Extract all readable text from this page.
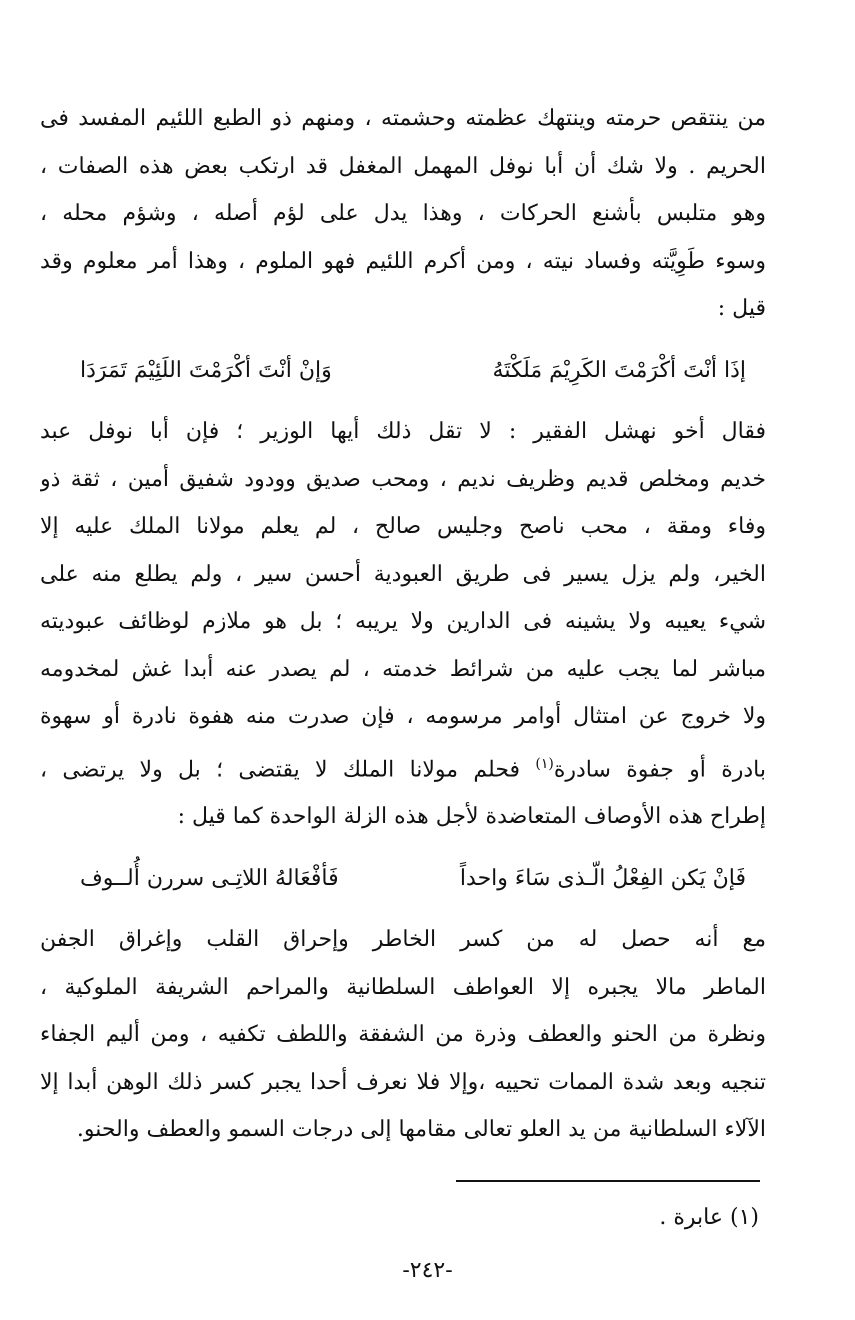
من ينتقص حرمته وينتهك عظمته وحشمته ، ومنهم ذو الطبع اللئيم المفسد فى
الحريم . ولا شك أن أبا نوفل المهمل المغفل قد ارتكب بعض هذه الصفات ،
وهو متلبس بأشنع الحركات ، وهذا يدل على لؤم أصله ، وشؤم محله ،
وسوء طَوِيَّته وفساد نيته ، ومن أكرم اللئيم فهو الملوم ، وهذا أمر معلوم وقد
قيل :

إذَا أنْتَ أكْرَمْتَ الكَرِيْمَ مَلَكْتَهُ
وَإنْ أنْتَ أكْرَمْتَ اللَئِيْمَ تَمَرَدَا

فقال أخو نهشل الفقير : لا تقل ذلك أيها الوزير ؛ فإن أبا نوفل عبد
خديم ومخلص قديم وظريف نديم ، ومحب صديق وودود شفيق أمين ، ثقة ذو
وفاء ومقة ، محب ناصح وجليس صالح ، لم يعلم مولانا الملك عليه إلا
الخير، ولم يزل يسير فى طريق العبودية أحسن سير ، ولم يطلع منه على
شيء يعيبه ولا يشينه فى الدارين ولا يريبه ؛ بل هو ملازم لوظائف عبوديته
مباشر لما يجب عليه من شرائط خدمته ، لم يصدر عنه أبدا غش لمخدومه
ولا خروج عن امتثال أوامر مرسومه ، فإن صدرت منه هفوة نادرة أو سهوة
بادرة أو جفوة سادرة$^{(١)}$ فحلم مولانا الملك لا يقتضى ؛ بل ولا يرتضى ،
إطراح هذه الأوصاف المتعاضدة لأجل هذه الزلة الواحدة كما قيل :

فَإنْ يَكن الفِعْلُ الّـذى سَاءَ واحداً
فَأفْعَالهُ اللاتِـى سررن أُلــوف

مع أنه حصل له من كسر الخاطر وإحراق القلب وإغراق الجفن
الماطر مالا يجبره إلا العواطف السلطانية والمراحم الشريفة الملوكية ،
ونظرة من الحنو والعطف وذرة من الشفقة واللطف تكفيه ، ومن أليم الجفاء
تنجيه وبعد شدة الممات تحييه ،وإلا فلا نعرف أحدا يجبر كسر ذلك الوهن أبدا إلا
الآلاء السلطانية من يد العلو تعالى مقامها إلى درجات السمو والعطف والحنو.

(١) عابرة .
-٢٤٢-
